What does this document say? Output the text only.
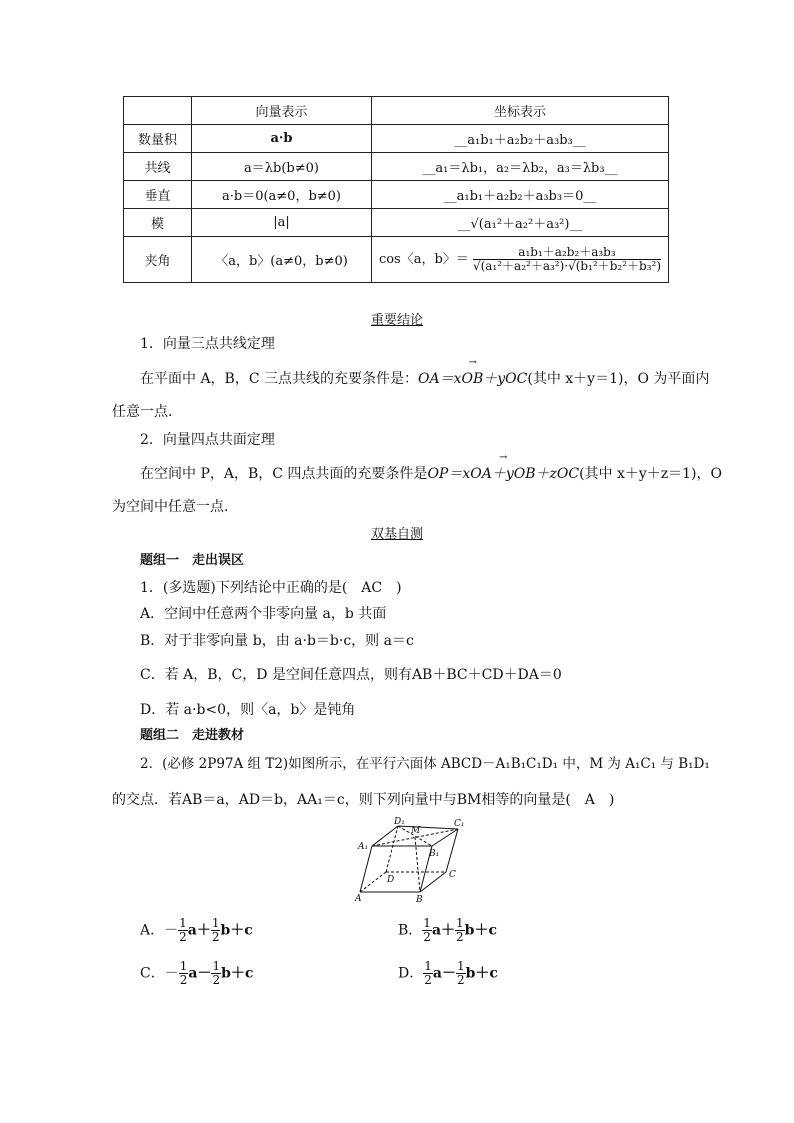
	向量表示	坐标表示
数量积	a·b	__a₁b₁＋a₂b₂＋a₃b₃__
共线	a＝λb(b≠0)	__a₁＝λb₁，a₂＝λb₂，a₃＝λb₃__
垂直	a·b＝0(a≠0，b≠0)	__a₁b₁＋a₂b₂＋a₃b₃＝0__
模	|a|	__√(a₁²＋a₂²＋a₃²)__
夹角	〈a，b〉(a≠0，b≠0)	cos〈a，b〉＝ $\frac{\text{a₁b₁＋a₂b₂＋a₃b₃}}{\text{√(a₁²＋a₂²＋a₃²)·√(b₁²＋b₂²＋b₃²)}}$
重要结论
1．向量三点共线定理
在平面中 A，B，C 三点共线的充要条件是：→ OA＝xOB＋yOC(其中 x＋y＝1)，O 为平面内
任意一点．
2．向量四点共面定理
在空间中 P，A，B，C 四点共面的充要条件是→ OP＝xOA＋yOB＋zOC(其中 x＋y＋z＝1)，O
为空间中任意一点．
双基自测
题组一　走出误区
1．(多选题)下列结论中正确的是(　AC　)
A．空间中任意两个非零向量 a，b 共面
B．对于非零向量 b，由 a·b＝b·c，则 a＝c
C．若 A，B，C，D 是空间任意四点，则有AB＋BC＋CD＋DA＝0
D．若 a·b<0，则〈a，b〉是钝角
题组二　走进教材
2．(必修 2P97A 组 T2)如图所示，在平行六面体 ABCD－A₁B₁C₁D₁ 中，M 为 A₁C₁ 与 B₁D₁
的交点．若AB＝a，AD＝b，AA₁＝c，则下列向量中与BM相等的向量是(　A　)
D₁
M
C₁
A₁
B₁
C
D
A	B
A．－ $\frac{1}{2} a+ \frac{1}{2} b+c$	B． $\frac{1}{2} a+ \frac{1}{2} b+c$
C．－ $\frac{1}{2} a- \frac{1}{2} b+c$	D． $\frac{1}{2} a- \frac{1}{2} b+c$
